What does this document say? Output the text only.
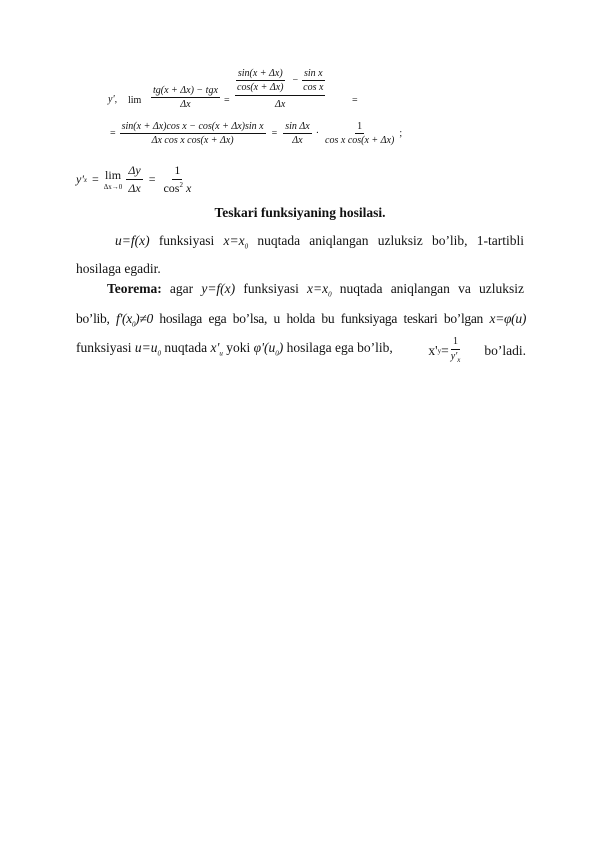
y', $\lim \frac{\text{tg(x + Δx) − tgx}}{\Delta x}$ =
$\frac{\sin(x + \Delta x)}{\cos(x + \Delta x)} - \frac{\text{sin x}}{\text{cos x}}$
Δx	=
= $\frac{\text{sin(x + Δx)cos x − cos(x + Δx)sin x}}{\text{Δx cos x cos(x + Δx)}} = \frac{\text{sin Δx}}{\Delta x} \cdot \frac{1}{\text{cos x cos(x + Δx)}}$ ;
y' x = lim
$\Delta x\to 0 \frac{\Delta y}{\Delta x} = \frac{1}{\cos^2 x}$
Teskari funksiyaning hosilasi.
u=f(x) funksiyasi $x=x_0$ nuqtada aniqlangan uzluksiz bo’lib, 1-tartibli
hosilaga egadir.
Teorema: agar y=f(x) funksiyasi $x=x_0$ nuqtada aniqlangan va uzluksiz
bo’lib, $f'(x_0)\ne 0$ hosilaga ega bo’lsa, u holda bu funksiyaga teskari bo’lgan x=φ(u)
funksiyasi $u=u_0$ nuqtada $x'_u$ yoki $\varphi'(u_0)$ hosilaga ega bo’lib,	x' $y = \frac{1}{y'_x}$ bo’ladi.
